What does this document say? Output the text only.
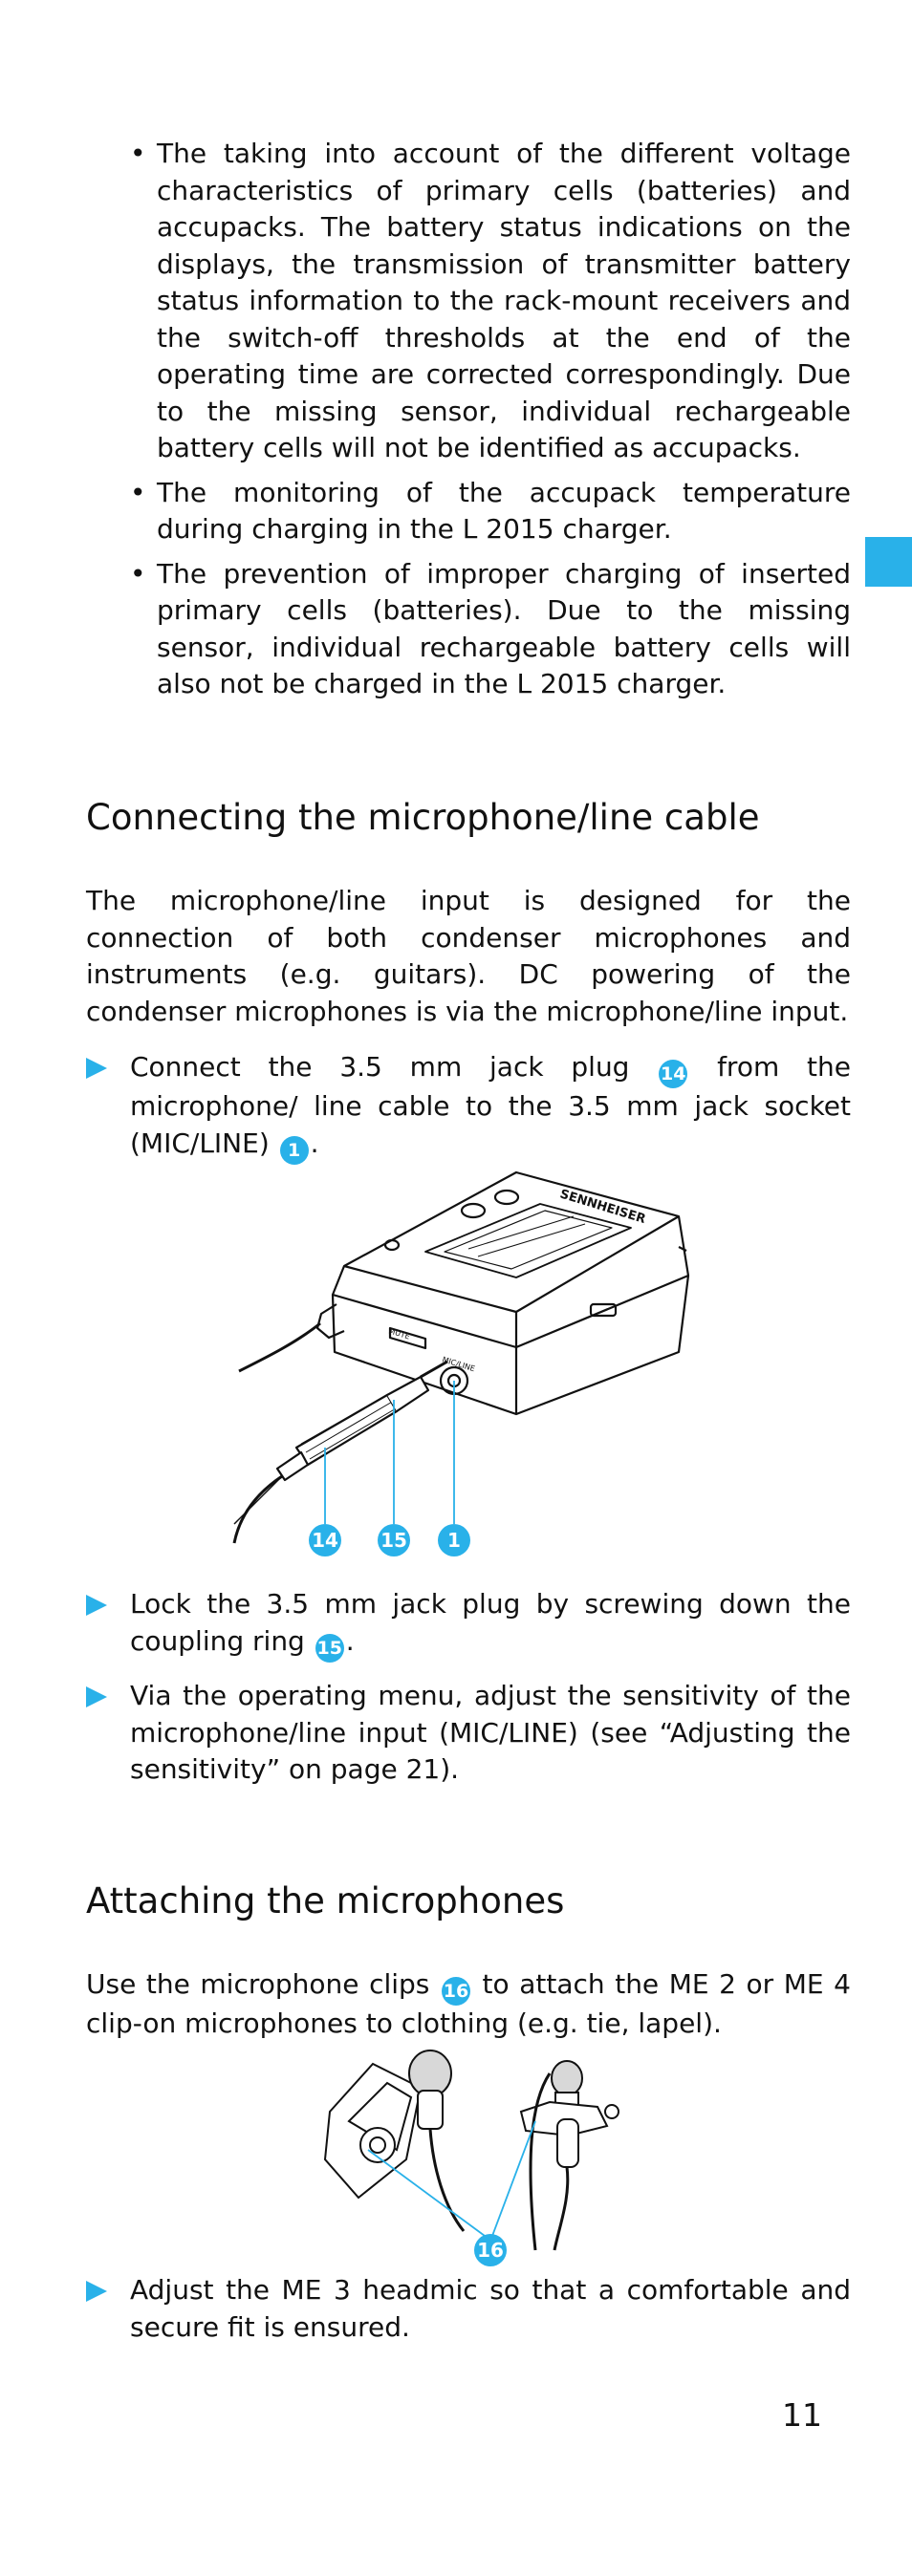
• The taking into account of the different voltage characteristics of primary cells (batteries) and accupacks. The battery status indications on the displays, the transmission of transmitter battery status information to the rack-mount receivers and the switch-off thresholds at the end of the operating time are corrected correspondingly. Due to the missing sensor, individual rechargeable battery cells will not be identified as accupacks.
• The monitoring of the accupack temperature during charging in the L 2015 charger.
• The prevention of improper charging of inserted primary cells (batteries). Due to the missing sensor, individual rechargeable battery cells will also not be charged in the L 2015 charger.
Connecting the microphone/line cable
The microphone/line input is designed for the connection of both condenser microphones and instruments (e.g. guitars). DC powering of the condenser microphones is via the microphone/line input.
Connect the 3.5 mm jack plug 14 from the microphone/ line cable to the 3.5 mm jack socket (MIC/LINE) 1 .
SENNHEISER
MUTE
MIC/LINE
14 15	1
Lock the 3.5 mm jack plug by screwing down the coupling ring 15 .
Via the operating menu, adjust the sensitivity of the microphone/line input (MIC/LINE) (see “Adjusting the sensitivity” on page 21).
Attaching the microphones
Use the microphone clips 16 to attach the ME 2 or ME 4 clip-on microphones to clothing (e.g. tie, lapel).
16
Adjust the ME 3 headmic so that a comfortable and secure fit is ensured.
11
